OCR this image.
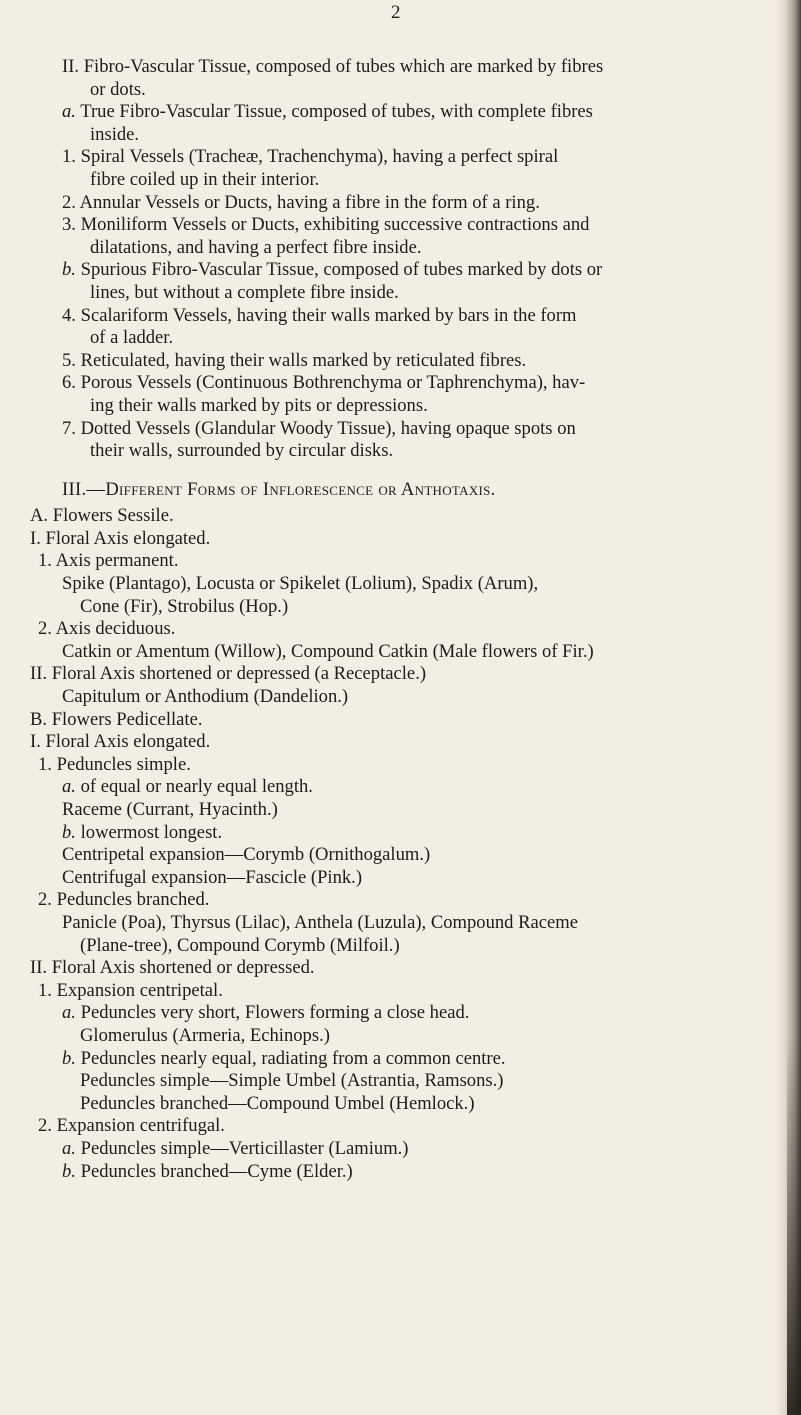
2
II. Fibro-Vascular Tissue, composed of tubes which are marked by fibres
or dots.
a. True Fibro-Vascular Tissue, composed of tubes, with complete fibres
inside.
1. Spiral Vessels (Tracheæ, Trachenchyma), having a perfect spiral
fibre coiled up in their interior.
2. Annular Vessels or Ducts, having a fibre in the form of a ring.
3. Moniliform Vessels or Ducts, exhibiting successive contractions and
dilatations, and having a perfect fibre inside.
b. Spurious Fibro-Vascular Tissue, composed of tubes marked by dots or
lines, but without a complete fibre inside.
4. Scalariform Vessels, having their walls marked by bars in the form
of a ladder.
5. Reticulated, having their walls marked by reticulated fibres.
6. Porous Vessels (Continuous Bothrenchyma or Taphrenchyma), hav-
ing their walls marked by pits or depressions.
7. Dotted Vessels (Glandular Woody Tissue), having opaque spots on
their walls, surrounded by circular disks.
III.—Different Forms of Inflorescence or Anthotaxis.
A. Flowers Sessile.
I. Floral Axis elongated.
1. Axis permanent.
Spike (Plantago), Locusta or Spikelet (Lolium), Spadix (Arum),
Cone (Fir), Strobilus (Hop.)
2. Axis deciduous.
Catkin or Amentum (Willow), Compound Catkin (Male flowers of Fir.)
II. Floral Axis shortened or depressed (a Receptacle.)
Capitulum or Anthodium (Dandelion.)
B. Flowers Pedicellate.
I. Floral Axis elongated.
1. Peduncles simple.
a. of equal or nearly equal length.
Raceme (Currant, Hyacinth.)
b. lowermost longest.
Centripetal expansion—Corymb (Ornithogalum.)
Centrifugal expansion—Fascicle (Pink.)
2. Peduncles branched.
Panicle (Poa), Thyrsus (Lilac), Anthela (Luzula), Compound Raceme
(Plane-tree), Compound Corymb (Milfoil.)
II. Floral Axis shortened or depressed.
1. Expansion centripetal.
a. Peduncles very short, Flowers forming a close head.
Glomerulus (Armeria, Echinops.)
b. Peduncles nearly equal, radiating from a common centre.
Peduncles simple—Simple Umbel (Astrantia, Ramsons.)
Peduncles branched—Compound Umbel (Hemlock.)
2. Expansion centrifugal.
a. Peduncles simple—Verticillaster (Lamium.)
b. Peduncles branched—Cyme (Elder.)
